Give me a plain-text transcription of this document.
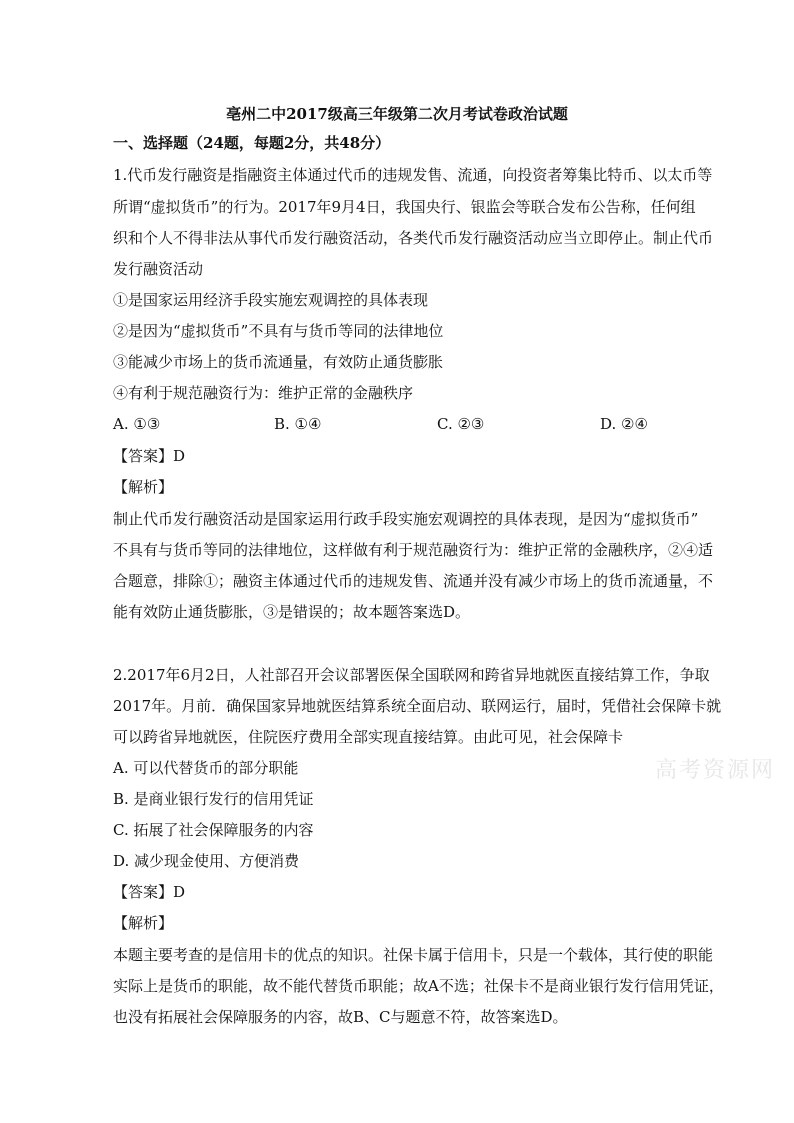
亳州二中2017级高三年级第二次月考试卷政治试题
一、选择题（24题，每题2分，共48分）
1.代币发行融资是指融资主体通过代币的违规发售、流通，向投资者筹集比特币、以太币等
所谓“虚拟货币”的行为。2017年9月4日，我国央行、银监会等联合发布公告称，任何组
织和个人不得非法从事代币发行融资活动，各类代币发行融资活动应当立即停止。制止代币
发行融资活动
①是国家运用经济手段实施宏观调控的具体表现
②是因为“虚拟货币”不具有与货币等同的法律地位
③能减少市场上的货币流通量，有效防止通货膨胀
④有利于规范融资行为：维护正常的金融秩序
A. ①③	B. ①④	C. ②③	D. ②④
【答案】D
【解析】
制止代币发行融资活动是国家运用行政手段实施宏观调控的具体表现，是因为“虚拟货币”
不具有与货币等同的法律地位，这样做有利于规范融资行为：维护正常的金融秩序，②④适
合题意，排除①；融资主体通过代币的违规发售、流通并没有减少市场上的货币流通量，不
能有效防止通货膨胀，③是错误的；故本题答案选D。
2.2017年6月2日，人社部召开会议部署医保全国联网和跨省异地就医直接结算工作，争取
2017年。月前．确保国家异地就医结算系统全面启动、联网运行，届时，凭借社会保障卡就
可以跨省异地就医，住院医疗费用全部实现直接结算。由此可见，社会保障卡
A. 可以代替货币的部分职能
B. 是商业银行发行的信用凭证
C. 拓展了社会保障服务的内容
D. 减少现金使用、方便消费
【答案】D
【解析】
本题主要考查的是信用卡的优点的知识。社保卡属于信用卡，只是一个载体，其行使的职能
实际上是货币的职能，故不能代替货币职能；故A不选；社保卡不是商业银行发行信用凭证，
也没有拓展社会保障服务的内容，故B、C与题意不符，故答案选D。
高考资源网
